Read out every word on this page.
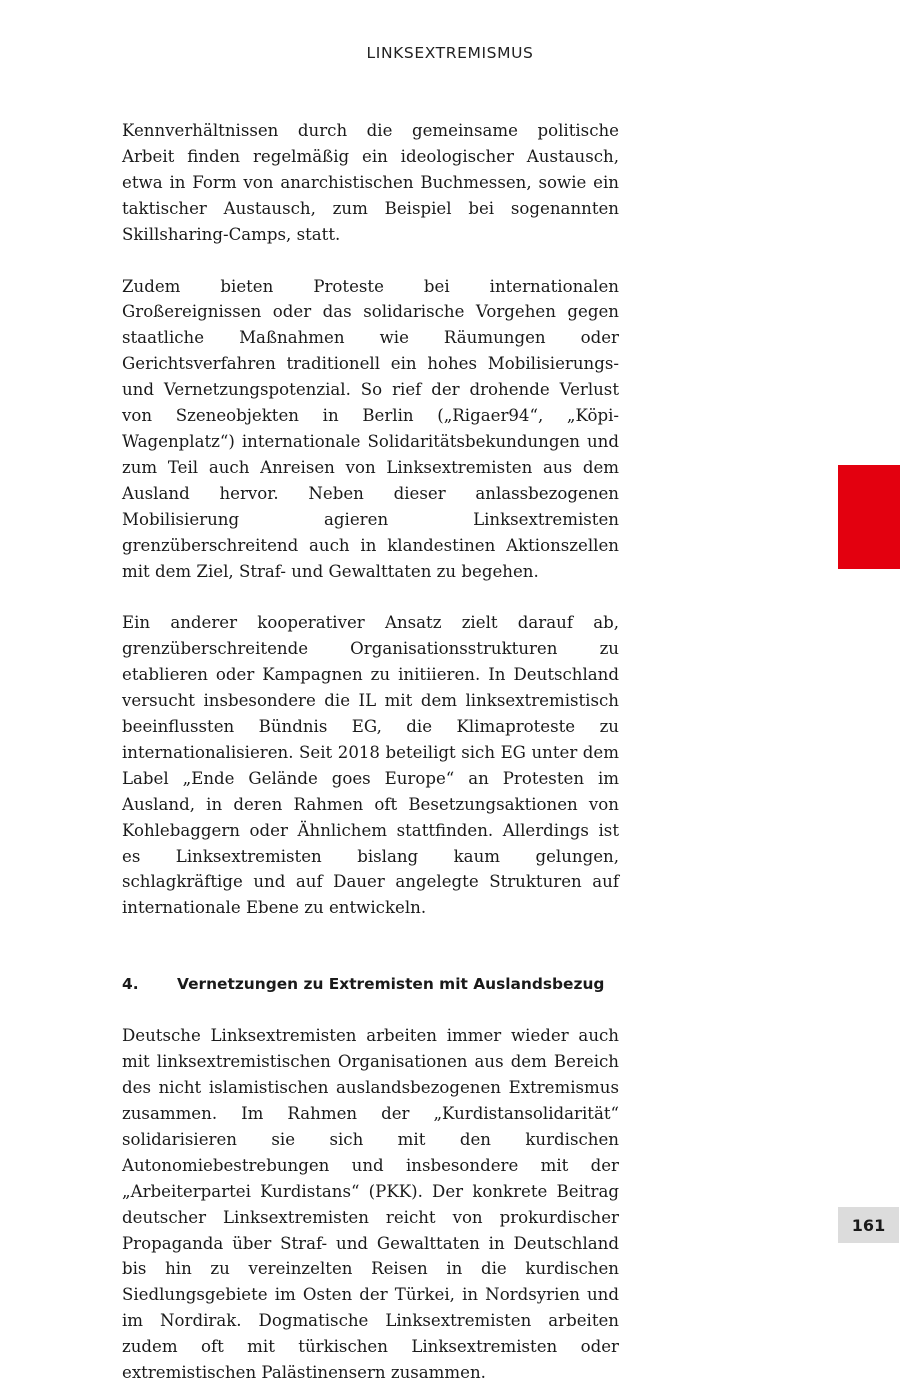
LINKSEXTREMISMUS

Kennverhältnissen durch die gemeinsame politische Arbeit finden regelmäßig ein ideologischer Austausch, etwa in Form von anarchistischen Buchmessen, sowie ein taktischer Austausch, zum Beispiel bei sogenannten Skillsharing-Camps, statt.

Zudem bieten Proteste bei internationalen Großereignissen oder das solidarische Vorgehen gegen staatliche Maßnahmen wie Räumungen oder Gerichtsverfahren traditionell ein hohes Mobilisierungs- und Vernetzungspotenzial. So rief der drohende Verlust von Szeneobjekten in Berlin („Rigaer94“, „Köpi-Wagenplatz“) internationale Solidaritätsbekundungen und zum Teil auch Anreisen von Linksextremisten aus dem Ausland hervor. Neben dieser anlassbezogenen Mobilisierung agieren Linksextremisten grenzüberschreitend auch in klandestinen Aktionszellen mit dem Ziel, Straf- und Gewalttaten zu begehen.

Ein anderer kooperativer Ansatz zielt darauf ab, grenzüberschreitende Organisationsstrukturen zu etablieren oder Kampagnen zu initiieren. In Deutschland versucht insbesondere die IL mit dem linksextremistisch beeinflussten Bündnis EG, die Klimaproteste zu internationalisieren. Seit 2018 beteiligt sich EG unter dem Label „Ende Gelände goes Europe“ an Protesten im Ausland, in deren Rahmen oft Besetzungsaktionen von Kohlebaggern oder Ähnlichem stattfinden. Allerdings ist es Linksextremisten bislang kaum gelungen, schlagkräftige und auf Dauer angelegte Strukturen auf internationale Ebene zu entwickeln.

4.	Vernetzungen zu Extremisten mit Auslandsbezug

Deutsche Linksextremisten arbeiten immer wieder auch mit linksextremistischen Organisationen aus dem Bereich des nicht islamistischen auslandsbezogenen Extremismus zusammen. Im Rahmen der „Kurdistansolidarität“ solidarisieren sie sich mit den kurdischen Autonomiebestrebungen und insbesondere mit der „Arbeiterpartei Kurdistans“ (PKK). Der konkrete Beitrag deutscher Linksextremisten reicht von prokurdischer Propaganda über Straf- und Gewalttaten in Deutschland bis hin zu vereinzelten Reisen in die kurdischen Siedlungsgebiete im Osten der Türkei, in Nordsyrien und im Nordirak. Dogmatische Linksextremisten arbeiten zudem oft mit türkischen Linksextremisten oder extremistischen Palästinensern zusammen.

161
